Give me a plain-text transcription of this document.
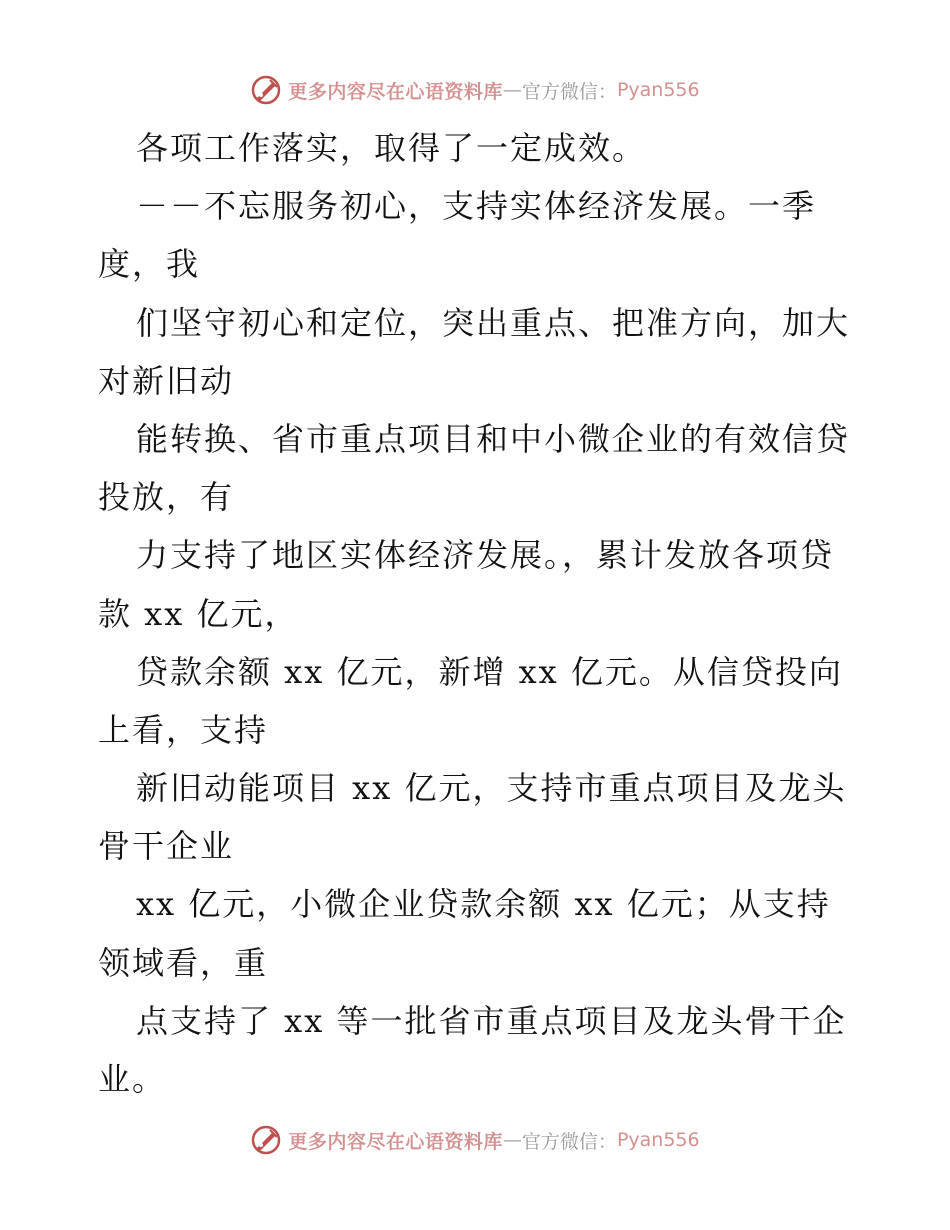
更多内容尽在心语资料库 — 官方微信： Pyan556
各项工作落实，取得了一定成效。
－－不忘服务初心，支持实体经济发展。一季
度，我
们坚守初心和定位，突出重点、把准方向，加大
对新旧动
能转换、省市重点项目和中小微企业的有效信贷
投放，有
力支持了地区实体经济发展。，累计发放各项贷
款 xx 亿元，
贷款余额 xx 亿元，新增 xx 亿元。从信贷投向
上看，支持
新旧动能项目 xx 亿元，支持市重点项目及龙头
骨干企业
xx 亿元，小微企业贷款余额 xx 亿元；从支持
领域看，重
点支持了 xx 等一批省市重点项目及龙头骨干企
业。
更多内容尽在心语资料库 — 官方微信： Pyan556
